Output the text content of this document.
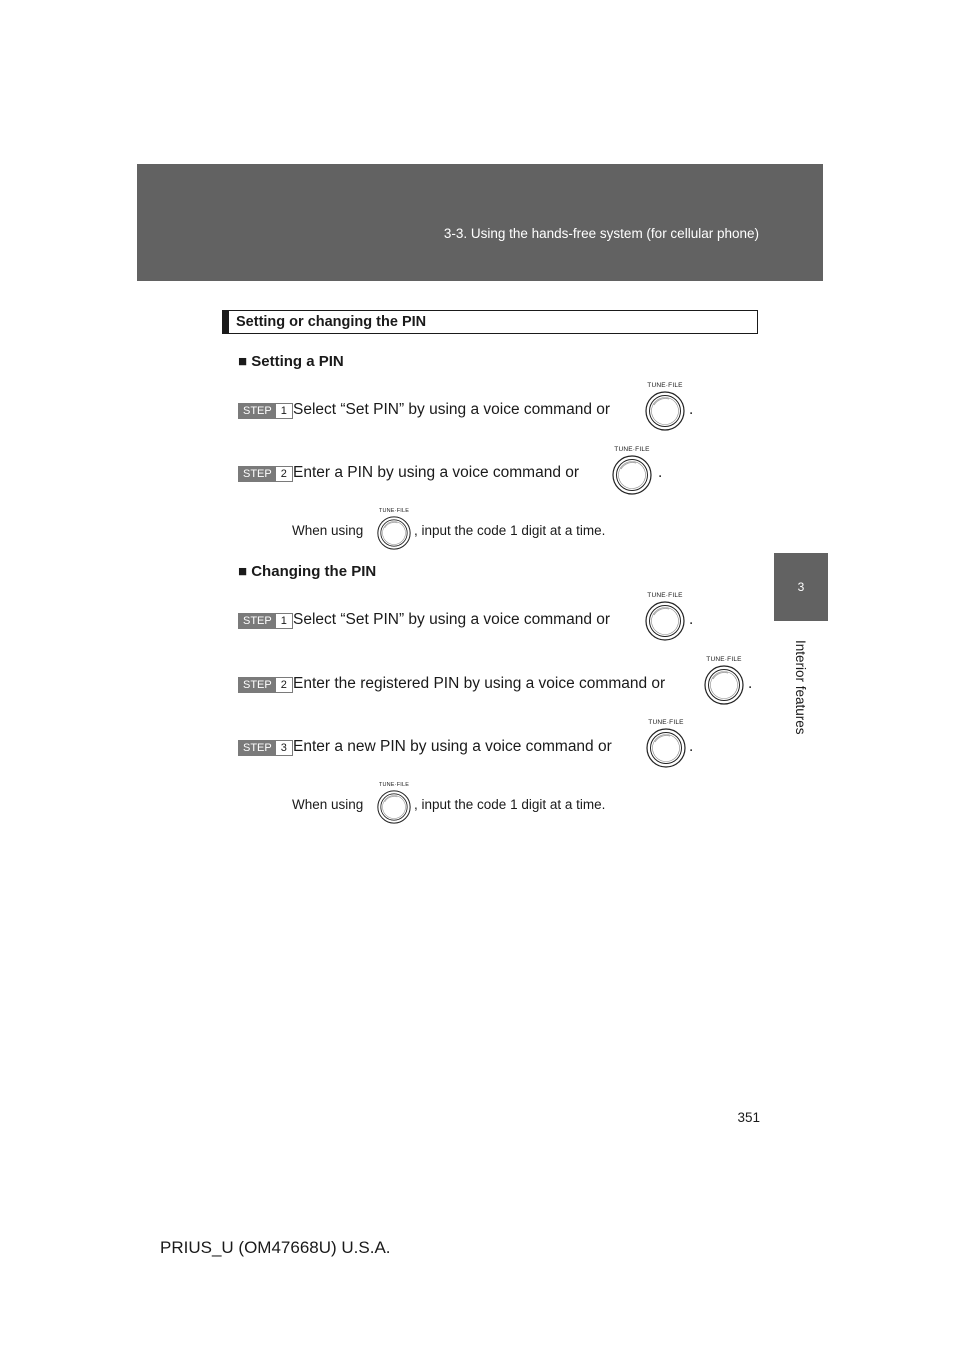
3-3. Using the hands-free system (for cellular phone)
3
Interior features
Setting or changing the PIN
■ Setting a PIN
STEP 1 Select “Set PIN” by using a voice command or	.
TUNE·FILE
STEP 2 Enter a PIN by using a voice command or	.
TUNE·FILE
When using
TUNE·FILE
, input the code 1 digit at a time.
■ Changing the PIN
STEP 1 Select “Set PIN” by using a voice command or	.
TUNE·FILE
STEP 2 Enter the registered PIN by using a voice command or	.
TUNE·FILE
STEP 3 Enter a new PIN by using a voice command or	.
TUNE·FILE
When using
TUNE·FILE
, input the code 1 digit at a time.
351
PRIUS_U (OM47668U) U.S.A.
